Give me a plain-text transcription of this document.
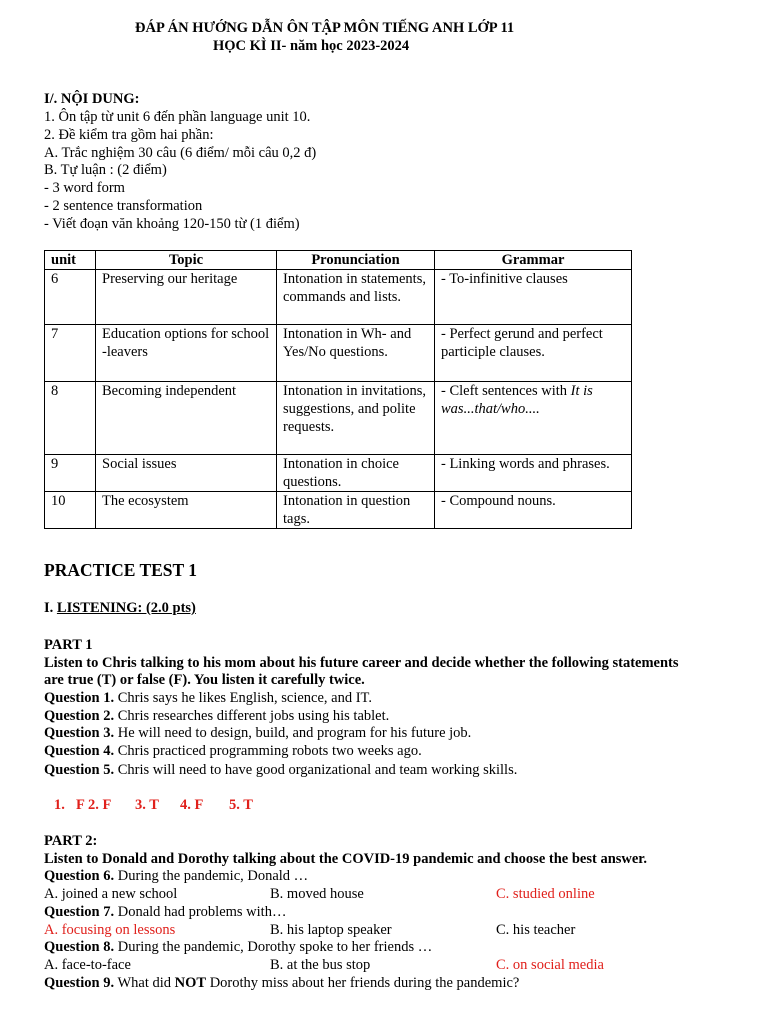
ĐÁP ÁN HƯỚNG DẪN ÔN TẬP MÔN TIẾNG ANH LỚP 11
HỌC KÌ II- năm học 2023-2024
I/. NỘI DUNG:
1. Ôn tập từ unit 6 đến phần language unit 10.
2. Đề kiểm tra gồm hai phần:
A. Trắc nghiệm 30 câu (6 điểm/ mỗi câu 0,2 đ)
B. Tự luận : (2 điểm)
- 3 word form
- 2 sentence transformation
- Viết đoạn văn khoảng 120-150 từ (1 điểm)
unit	Topic	Pronunciation	Grammar
6	Preserving our heritage	Intonation in statements, commands and lists.	- To-infinitive clauses
7	Education options for school -leavers	Intonation in Wh- and Yes/No questions.	- Perfect gerund and perfect participle clauses.
8	Becoming independent	Intonation in invitations, suggestions, and polite requests.	- Cleft sentences with It is was...that/who....
9	Social issues	Intonation in choice questions.	- Linking words and phrases.
10	The ecosystem	Intonation in question tags.	- Compound nouns.
PRACTICE TEST 1
I. LISTENING: (2.0 pts)
PART 1
Listen to Chris talking to his mom about his future career and decide whether the following statements
are true (T) or false (F). You listen it carefully twice.
Question 1. Chris says he likes English, science, and IT.
Question 2. Chris researches different jobs using his tablet.
Question 3. He will need to design, build, and program for his future job.
Question 4. Chris practiced programming robots two weeks ago.
Question 5. Chris will need to have good organizational and team working skills.
1. F 2. F 3. T 4. F 5. T
PART 2:
Listen to Donald and Dorothy talking about the COVID-19 pandemic and choose the best answer.
Question 6. During the pandemic, Donald …
A. joined a new school	B. moved house	C. studied online
Question 7. Donald had problems with…
A. focusing on lessons	B. his laptop speaker	C. his teacher
Question 8. During the pandemic, Dorothy spoke to her friends …
A. face-to-face	B. at the bus stop	C. on social media
Question 9. What did NOT Dorothy miss about her friends during the pandemic?
